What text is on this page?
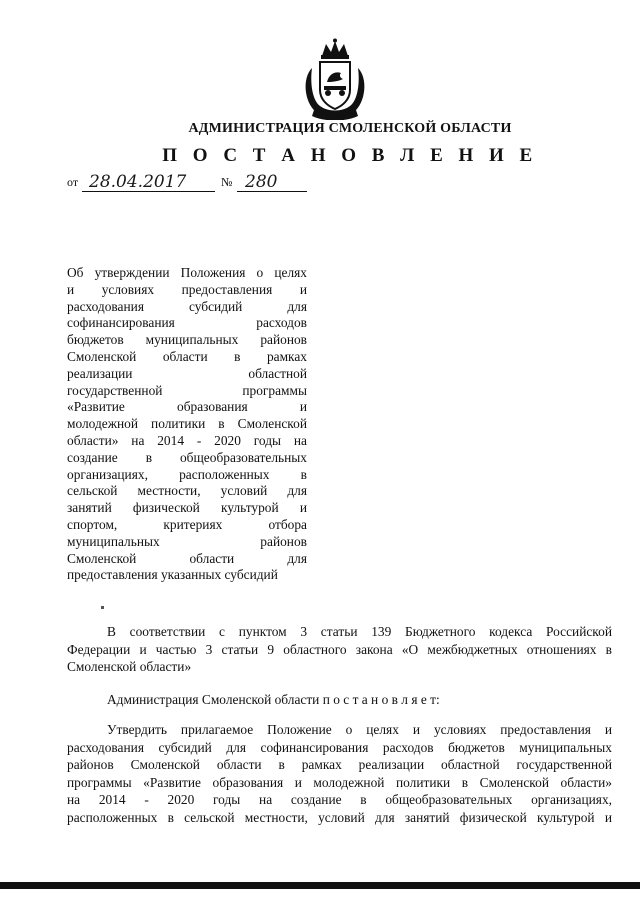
АДМИНИСТРАЦИЯ СМОЛЕНСКОЙ ОБЛАСТИ
П О С Т А Н О В Л Е Н И Е
от 28.04.2017	№ 280
Об утверждении Положения о целях
и условиях предоставления и
расходования субсидий для
софинансирования расходов
бюджетов муниципальных районов
Смоленской области в рамках
реализации областной
государственной программы
«Развитие образования и
молодежной политики в Смоленской
области» на 2014 - 2020 годы на
создание в общеобразовательных
организациях, расположенных в
сельской местности, условий для
занятий физической культурой и
спортом, критериях отбора
муниципальных районов
Смоленской области для
предоставления указанных субсидий
В соответствии с пунктом 3 статьи 139 Бюджетного кодекса Российской
Федерации и частью 3 статьи 9 областного закона «О межбюджетных отношениях в
Смоленской области»
Администрация Смоленской области п о с т а н о в л я е т:
Утвердить прилагаемое Положение о целях и условиях предоставления и
расходования субсидий для софинансирования расходов бюджетов муниципальных
районов Смоленской области в рамках реализации областной государственной
программы «Развитие образования и молодежной политики в Смоленской области»
на 2014 - 2020 годы на создание в общеобразовательных организациях,
расположенных в сельской местности, условий для занятий физической культурой и
